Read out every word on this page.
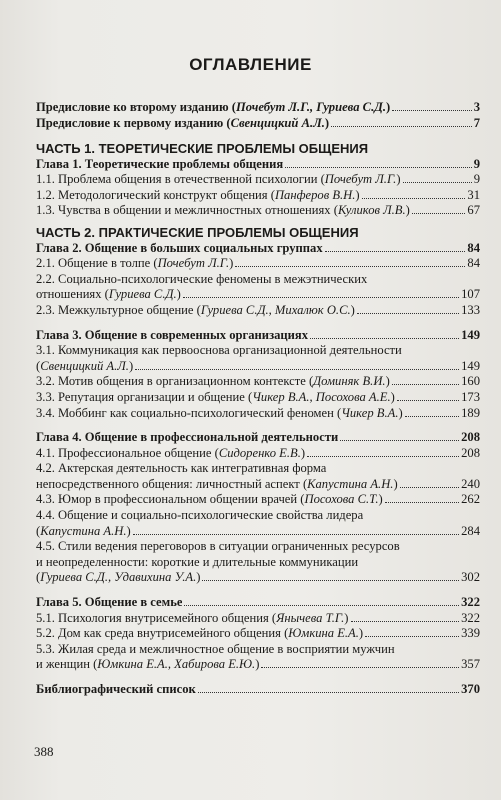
ОГЛАВЛЕНИЕ
Предисловие ко второму изданию (Почебут Л.Г., Гуриева С.Д.)	3
Предисловие к первому изданию (Свенцицкий А.Л.)	7
ЧАСТЬ 1. ТЕОРЕТИЧЕСКИЕ ПРОБЛЕМЫ ОБЩЕНИЯ
Глава 1. Теоретические проблемы общения	9
1.1. Проблема общения в отечественной психологии (Почебут Л.Г.)	9
1.2. Методологический конструкт общения (Панферов В.Н.)	31
1.3. Чувства в общении и межличностных отношениях (Куликов Л.В.)	67
ЧАСТЬ 2. ПРАКТИЧЕСКИЕ ПРОБЛЕМЫ ОБЩЕНИЯ
Глава 2. Общение в больших социальных группах	84
2.1. Общение в толпе (Почебут Л.Г.)	84
2.2. Социально-психологические феномены в межэтнических
отношениях (Гуриева С.Д.)	107
2.3. Межкультурное общение (Гуриева С.Д., Михалюк О.С.)	133
Глава 3. Общение в современных организациях	149
3.1. Коммуникация как первооснова организационной деятельности
(Свенцицкий А.Л.)	149
3.2. Мотив общения в организационном контексте (Доминяк В.И.)	160
3.3. Репутация организации и общение (Чикер В.А., Посохова А.Е.)	173
3.4. Моббинг как социально-психологический феномен (Чикер В.А.)	189
Глава 4. Общение в профессиональной деятельности	208
4.1. Профессиональное общение (Сидоренко Е.В.)	208
4.2. Актерская деятельность как интегративная форма
непосредственного общения: личностный аспект (Капустина А.Н.)	240
4.3. Юмор в профессиональном общении врачей (Посохова С.Т.)	262
4.4. Общение и социально-психологические свойства лидера
(Капустина А.Н.)	284
4.5. Стили ведения переговоров в ситуации ограниченных ресурсов
и неопределенности: короткие и длительные коммуникации
(Гуриева С.Д., Удавихина У.А.)	302
Глава 5. Общение в семье	322
5.1. Психология внутрисемейного общения (Янычева Т.Г.)	322
5.2. Дом как среда внутрисемейного общения (Юмкина Е.А.)	339
5.3. Жилая среда и межличностное общение в восприятии мужчин
и женщин (Юмкина Е.А., Хабирова Е.Ю.)	357
Библиографический список	370
388
